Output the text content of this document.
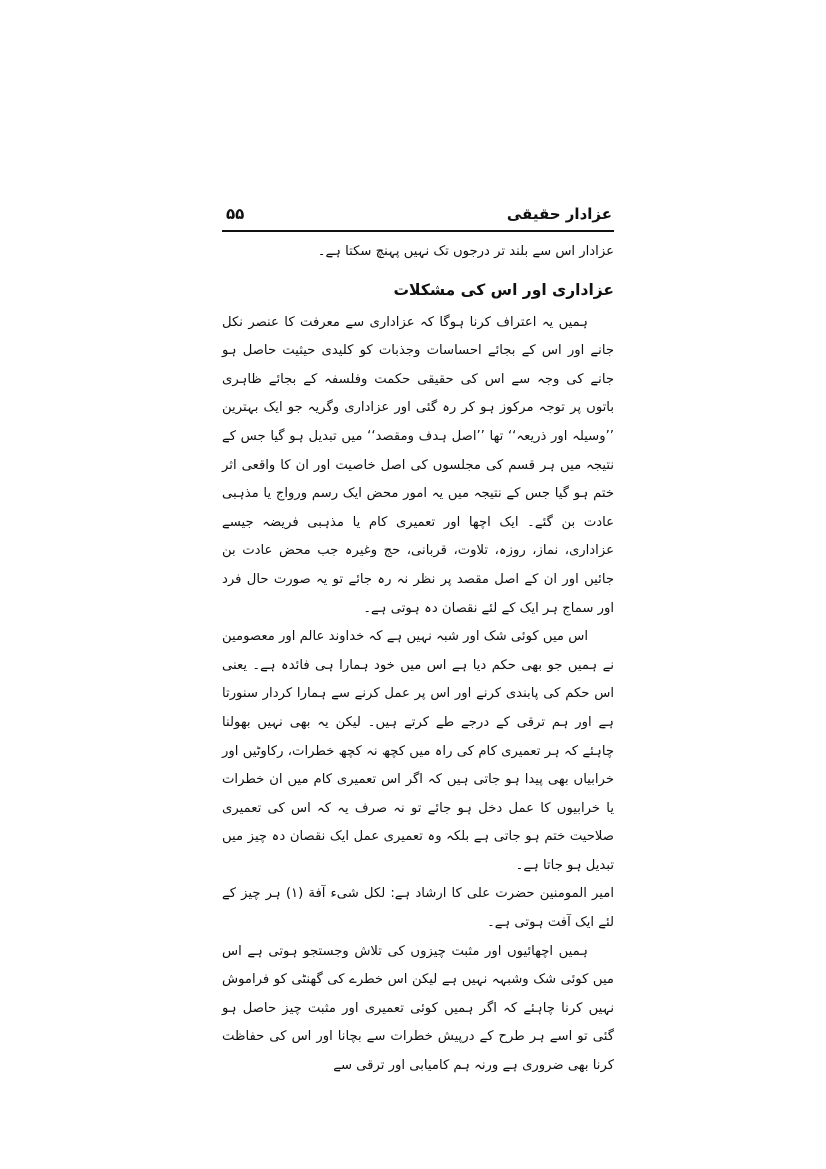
عزادار حقیقی
۵۵

عزادار اس سے بلند تر درجوں تک نہیں پہنچ سکتا ہے۔

عزاداری اور اس کی مشکلات

ہمیں یہ اعتراف کرنا ہوگا کہ عزاداری سے معرفت کا عنصر نکل جانے اور اس کے بجائے احساسات وجذبات کو کلیدی حیثیت حاصل ہو جانے کی وجہ سے اس کی حقیقی حکمت وفلسفہ کے بجائے ظاہری باتوں پر توجہ مرکوز ہو کر رہ گئی اور عزاداری وگریہ جو ایک بہترین ’’وسیلہ اور ذریعہ‘‘ تھا ’’اصل ہدف ومقصد‘‘ میں تبدیل ہو گیا جس کے نتیجہ میں ہر قسم کی مجلسوں کی اصل خاصیت اور ان کا واقعی اثر ختم ہو گیا جس کے نتیجہ میں یہ امور محض ایک رسم ورواج یا مذہبی عادت بن گئے۔ ایک اچھا اور تعمیری کام یا مذہبی فریضہ جیسے عزاداری، نماز، روزہ، تلاوت، قربانی، حج وغیرہ جب محض عادت بن جائیں اور ان کے اصل مقصد پر نظر نہ رہ جائے تو یہ صورت حال فرد اور سماج ہر ایک کے لئے نقصان دہ ہوتی ہے۔

اس میں کوئی شک اور شبہ نہیں ہے کہ خداوند عالم اور معصومین نے ہمیں جو بھی حکم دیا ہے اس میں خود ہمارا ہی فائدہ ہے۔ یعنی اس حکم کی پابندی کرنے اور اس پر عمل کرنے سے ہمارا کردار سنورتا ہے اور ہم ترقی کے درجے طے کرتے ہیں۔ لیکن یہ بھی نہیں بھولنا چاہئے کہ ہر تعمیری کام کی راہ میں کچھ نہ کچھ خطرات، رکاوٹیں اور خرابیاں بھی پیدا ہو جاتی ہیں کہ اگر اس تعمیری کام میں ان خطرات یا خرابیوں کا عمل دخل ہو جائے تو نہ صرف یہ کہ اس کی تعمیری صلاحیت ختم ہو جاتی ہے بلکہ وہ تعمیری عمل ایک نقصان دہ چیز میں تبدیل ہو جاتا ہے۔

امیر المومنین حضرت علی کا ارشاد ہے: لکل شیء آفة (۱) ہر چیز کے لئے ایک آفت ہوتی ہے۔

ہمیں اچھائیوں اور مثبت چیزوں کی تلاش وجستجو ہوتی ہے اس میں کوئی شک وشبہہ نہیں ہے لیکن اس خطرے کی گھنٹی کو فراموش نہیں کرنا چاہئے کہ اگر ہمیں کوئی تعمیری اور مثبت چیز حاصل ہو گئی تو اسے ہر طرح کے درپیش خطرات سے بچانا اور اس کی حفاظت کرنا بھی ضروری ہے ورنہ ہم کامیابی اور ترقی سے
